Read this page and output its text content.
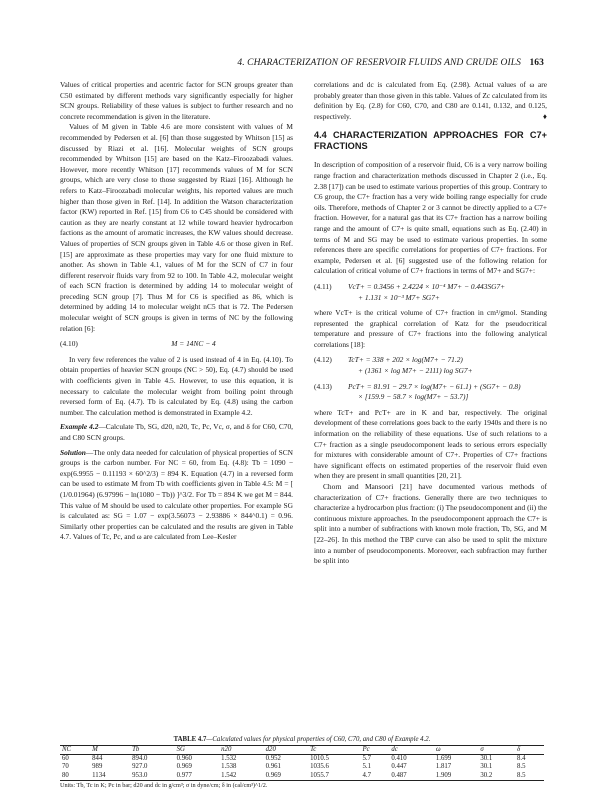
4. CHARACTERIZATION OF RESERVOIR FLUIDS AND CRUDE OILS 163

Values of critical properties and acentric factor for SCN groups greater than C50 estimated by different methods vary significantly especially for higher SCN groups. Reliability of these values is subject to further research and no concrete recommendation is given in the literature.

Values of M given in Table 4.6 are more consistent with values of M recommended by Pedersen et al. [6] than those suggested by Whitson [15] as discussed by Riazi et al. [16]. Molecular weights of SCN groups recommended by Whitson [15] are based on the Katz–Firoozabadi values. However, more recently Whitson [17] recommends values of M for SCN groups, which are very close to those suggested by Riazi [16]. Although he refers to Katz–Firoozabadi molecular weights, his reported values are much higher than those given in Ref. [14]. In addition the Watson characterization factor (KW) reported in Ref. [15] from C6 to C45 should be considered with caution as they are nearly constant at 12 while toward heavier hydrocarbon factions as the amount of aromatic increases, the KW values should decrease. Values of properties of SCN groups given in Table 4.6 or those given in Ref. [15] are approximate as these properties may vary for one fluid mixture to another. As shown in Table 4.1, values of M for the SCN of C7 in four different reservoir fluids vary from 92 to 100. In Table 4.2, molecular weight of each SCN fraction is determined by adding 14 to molecular weight of preceding SCN group [7]. Thus M for C6 is specified as 86, which is determined by adding 14 to molecular weight nC5 that is 72. The Pedersen molecular weight of SCN groups is given in terms of NC by the following relation [6]:

(4.10)	M = 14NC − 4

In very few references the value of 2 is used instead of 4 in Eq. (4.10). To obtain properties of heavier SCN groups (NC > 50), Eq. (4.7) should be used with coefficients given in Table 4.5. However, to use this equation, it is necessary to calculate the molecular weight from boiling point through reversed form of Eq. (4.7). Tb is calculated by Eq. (4.8) using the carbon number. The calculation method is demonstrated in Example 4.2.

Example 4.2—Calculate Tb, SG, d20, n20, Tc, Pc, Vc, σ, and δ for C60, C70, and C80 SCN groups.

Solution—The only data needed for calculation of physical properties of SCN groups is the carbon number. For NC = 60, from Eq. (4.8): Tb = 1090 − exp(6.9955 − 0.11193 × 60^2/3) = 894 K. Equation (4.7) in a reversed form can be used to estimate M from Tb with coefficients given in Table 4.5: M = [ (1/0.01964) (6.97996 − ln(1080 − Tb)) ]^3/2. For Tb = 894 K we get M = 844. This value of M should be used to calculate other properties. For example SG is calculated as: SG = 1.07 − exp(3.56073 − 2.93886 × 844^0.1) = 0.96. Similarly other properties can be calculated and the results are given in Table 4.7. Values of Tc, Pc, and ω are calculated from Lee–Kesler

correlations and dc is calculated from Eq. (2.98). Actual values of ω are probably greater than those given in this table. Values of Zc calculated from its definition by Eq. (2.8) for C60, C70, and C80 are 0.141, 0.132, and 0.125, respectively.	♦

4.4 CHARACTERIZATION APPROACHES FOR C7+ FRACTIONS

In description of composition of a reservoir fluid, C6 is a very narrow boiling range fraction and characterization methods discussed in Chapter 2 (i.e., Eq. 2.38 [17]) can be used to estimate various properties of this group. Contrary to C6 group, the C7+ fraction has a very wide boiling range especially for crude oils. Therefore, methods of Chapter 2 or 3 cannot be directly applied to a C7+ fraction. However, for a natural gas that its C7+ fraction has a narrow boiling range and the amount of C7+ is quite small, equations such as Eq. (2.40) in terms of M and SG may be used to estimate various properties. In some references there are specific correlations for properties of C7+ fractions. For example, Pedersen et al. [6] suggested use of the following relation for calculation of critical volume of C7+ fractions in terms of M7+ and SG7+:

(4.11)	VcT+ = 0.3456 + 2.4224 × 10⁻⁴ M7+ − 0.443SG7+
+ 1.131 × 10⁻³ M7+ SG7+

where VcT+ is the critical volume of C7+ fraction in cm³/gmol. Standing represented the graphical correlation of Katz for the pseudocritical temperature and pressure of C7+ fractions into the following analytical correlations [18]:

(4.12)	TcT+ = 338 + 202 × log(M7+ − 71.2)
+ (1361 × log M7+ − 2111) log SG7+
(4.13)	PcT+ = 81.91 − 29.7 × log(M7+ − 61.1) + (SG7+ − 0.8)
× [159.9 − 58.7 × log(M7+ − 53.7)]

where TcT+ and PcT+ are in K and bar, respectively. The original development of these correlations goes back to the early 1940s and there is no information on the reliability of these equations. Use of such relations to a C7+ fraction as a single pseudocomponent leads to serious errors especially for mixtures with considerable amount of C7+. Properties of C7+ fractions have significant effects on estimated properties of the reservoir fluid even when they are present in small quantities [20, 21].

Chorn and Mansoori [21] have documented various methods of characterization of C7+ fractions. Generally there are two techniques to characterize a hydrocarbon plus fraction: (i) The pseudocomponent and (ii) the continuous mixture approaches. In the pseudocomponent approach the C7+ is split into a number of subfractions with known mole fraction, Tb, SG, and M [22–26]. In this method the TBP curve can also be used to split the mixture into a number of pseudocomponents. Moreover, each subfraction may further be split into

TABLE 4.7—Calculated values for physical properties of C60, C70, and C80 of Example 4.2.
NC	M	Tb	SG	n20	d20	Tc	Pc	dc	ω	σ	δ
60	844	894.0	0.960	1.532	0.952	1010.5	5.7	0.410	1.699	30.1	8.4
70	989	927.0	0.969	1.538	0.961	1035.6	5.1	0.447	1.817	30.1	8.5
80	1134	953.0	0.977	1.542	0.969	1055.7	4.7	0.487	1.909	30.2	8.5
Units: Tb, Tc in K; Pc in bar; d20 and dc in g/cm³; σ in dyne/cm; δ in (cal/cm³)^1/2.
